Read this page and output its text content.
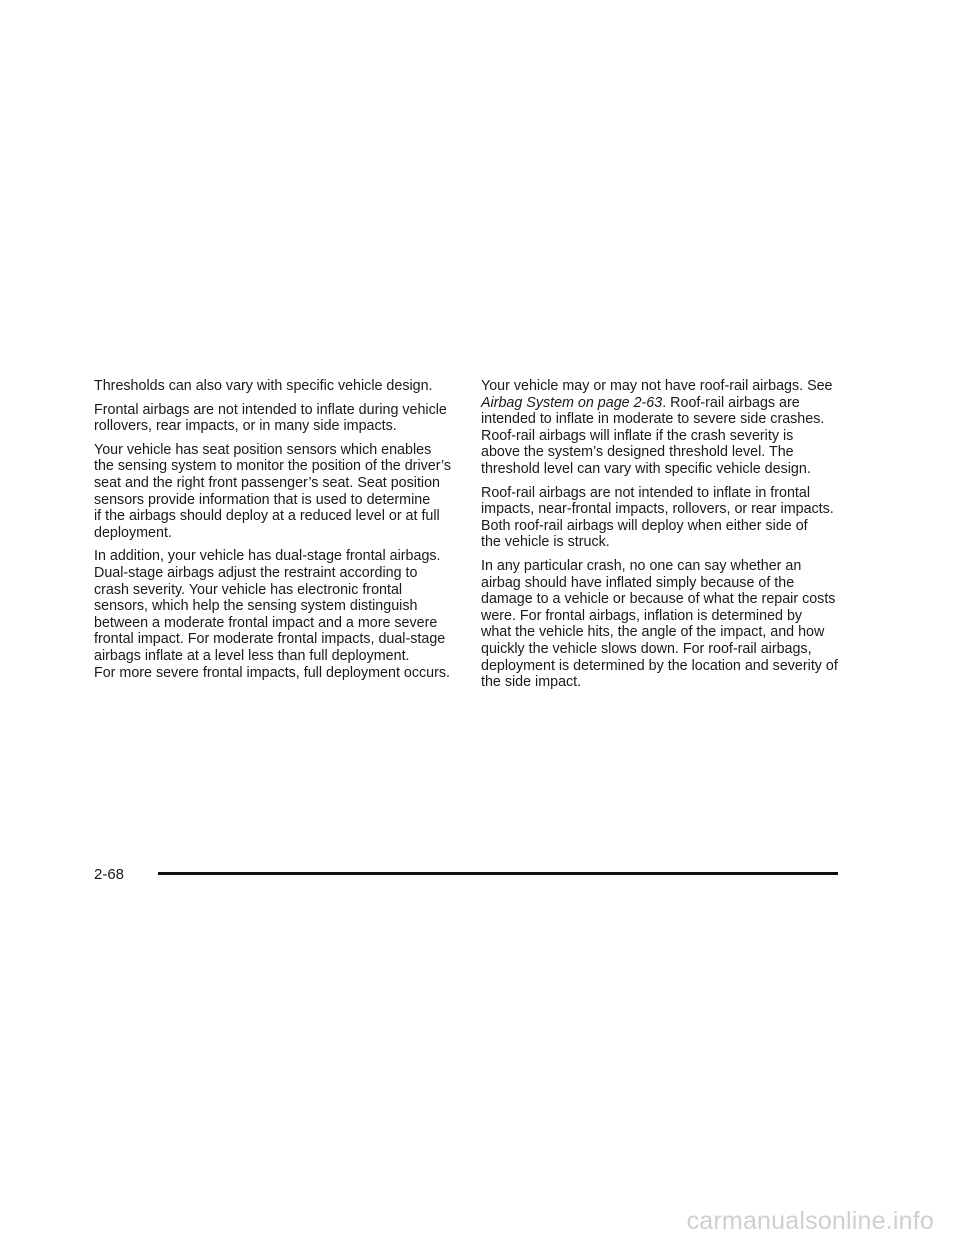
Thresholds can also vary with specific vehicle design.

Frontal airbags are not intended to inflate during vehicle
rollovers, rear impacts, or in many side impacts.

Your vehicle has seat position sensors which enables
the sensing system to monitor the position of the driver’s
seat and the right front passenger’s seat. Seat position
sensors provide information that is used to determine
if the airbags should deploy at a reduced level or at full
deployment.

In addition, your vehicle has dual-stage frontal airbags.
Dual-stage airbags adjust the restraint according to
crash severity. Your vehicle has electronic frontal
sensors, which help the sensing system distinguish
between a moderate frontal impact and a more severe
frontal impact. For moderate frontal impacts, dual-stage
airbags inflate at a level less than full deployment.
For more severe frontal impacts, full deployment occurs.

Your vehicle may or may not have roof-rail airbags. See
Airbag System on page 2-63. Roof-rail airbags are
intended to inflate in moderate to severe side crashes.
Roof-rail airbags will inflate if the crash severity is
above the system’s designed threshold level. The
threshold level can vary with specific vehicle design.

Roof-rail airbags are not intended to inflate in frontal
impacts, near-frontal impacts, rollovers, or rear impacts.
Both roof-rail airbags will deploy when either side of
the vehicle is struck.

In any particular crash, no one can say whether an
airbag should have inflated simply because of the
damage to a vehicle or because of what the repair costs
were. For frontal airbags, inflation is determined by
what the vehicle hits, the angle of the impact, and how
quickly the vehicle slows down. For roof-rail airbags,
deployment is determined by the location and severity of
the side impact.

2-68
carmanualsonline.info
